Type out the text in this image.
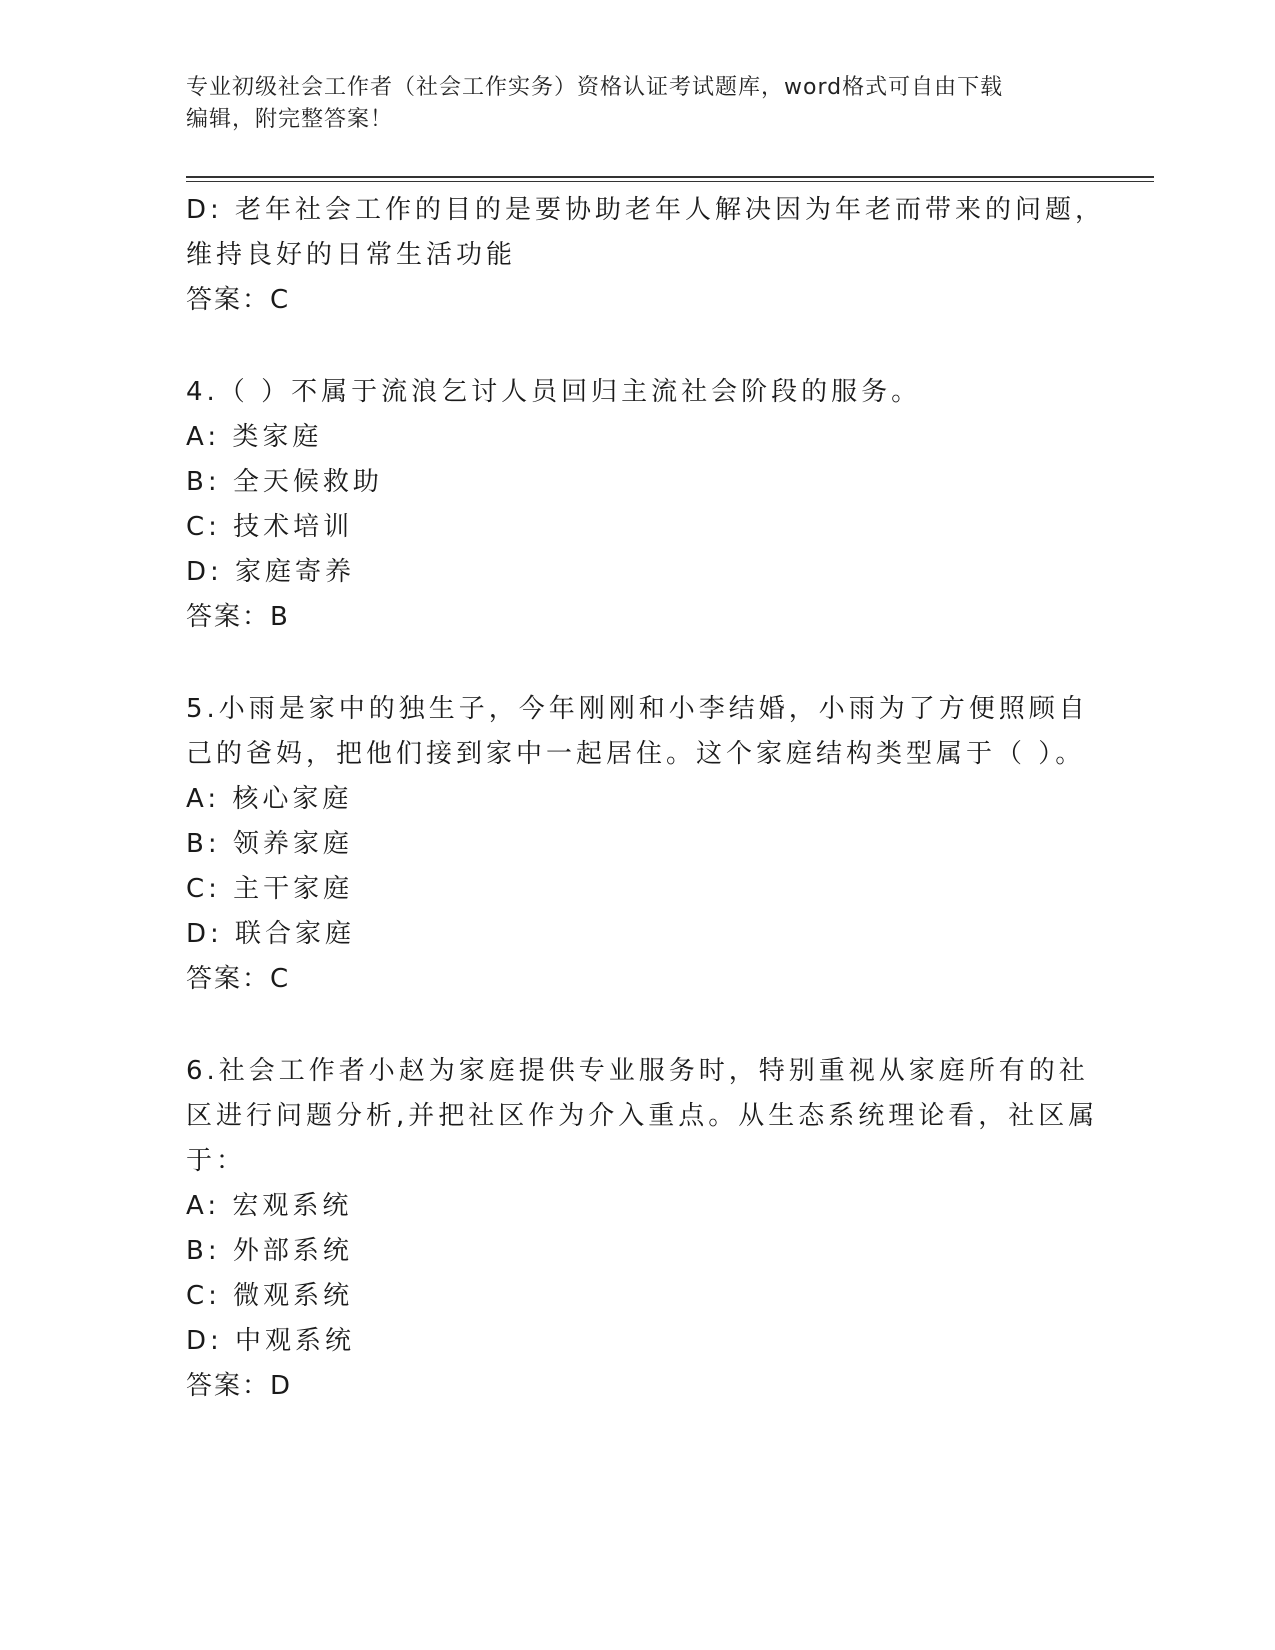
专业初级社会工作者（社会工作实务）资格认证考试题库，word格式可自由下载
编辑，附完整答案！
D: 老年社会工作的目的是要协助老年人解决因为年老而带来的问题，
维持良好的日常生活功能
答案：C
4.（ ）不属于流浪乞讨人员回归主流社会阶段的服务。
A: 类家庭
B: 全天候救助
C: 技术培训
D: 家庭寄养
答案：B
5.小雨是家中的独生子，今年刚刚和小李结婚，小雨为了方便照顾自
己的爸妈，把他们接到家中一起居住。这个家庭结构类型属于（ ）。
A: 核心家庭
B: 领养家庭
C: 主干家庭
D: 联合家庭
答案：C
6.社会工作者小赵为家庭提供专业服务时，特别重视从家庭所有的社
区进行问题分析,并把社区作为介入重点。从生态系统理论看，社区属
于：
A: 宏观系统
B: 外部系统
C: 微观系统
D: 中观系统
答案：D
